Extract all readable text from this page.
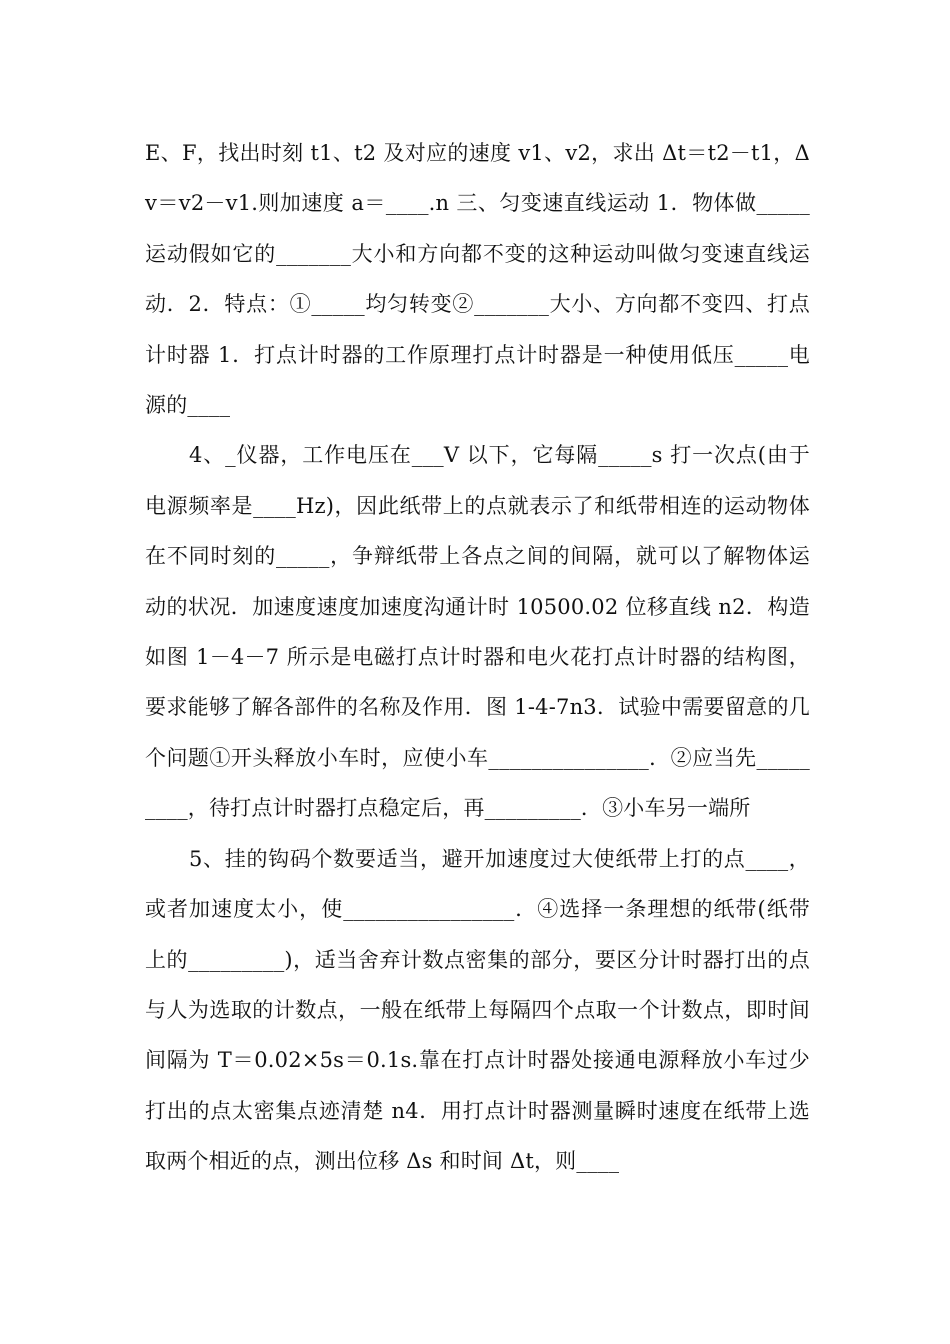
E、F，找出时刻 t1、t2 及对应的速度 v1、v2，求出 Δt＝t2－t1，Δv＝v2－v1.则加速度 a＝____.n 三、匀变速直线运动 1．物体做_____运动假如它的_______大小和方向都不变的这种运动叫做匀变速直线运动．2．特点：①_____均匀转变②_______大小、方向都不变四、打点计时器 1．打点计时器的工作原理打点计时器是一种使用低压_____电源的____

4、_仪器，工作电压在___V 以下，它每隔_____s 打一次点(由于电源频率是____Hz)，因此纸带上的点就表示了和纸带相连的运动物体在不同时刻的_____，争辩纸带上各点之间的间隔，就可以了解物体运动的状况．加速度速度加速度沟通计时 10500.02 位移直线 n2．构造如图 1－4－7 所示是电磁打点计时器和电火花打点计时器的结构图，要求能够了解各部件的名称及作用．图 1-4-7n3．试验中需要留意的几个问题①开头释放小车时，应使小车_______________．②应当先_________，待打点计时器打点稳定后，再_________．③小车另一端所

5、挂的钩码个数要适当，避开加速度过大使纸带上打的点____，或者加速度太小，使________________．④选择一条理想的纸带(纸带上的_________)，适当舍弃计数点密集的部分，要区分计时器打出的点与人为选取的计数点，一般在纸带上每隔四个点取一个计数点，即时间间隔为 T＝0.02×5s＝0.1s.靠在打点计时器处接通电源释放小车过少打出的点太密集点迹清楚 n4．用打点计时器测量瞬时速度在纸带上选取两个相近的点，测出位移 Δs 和时间 Δt，则____
